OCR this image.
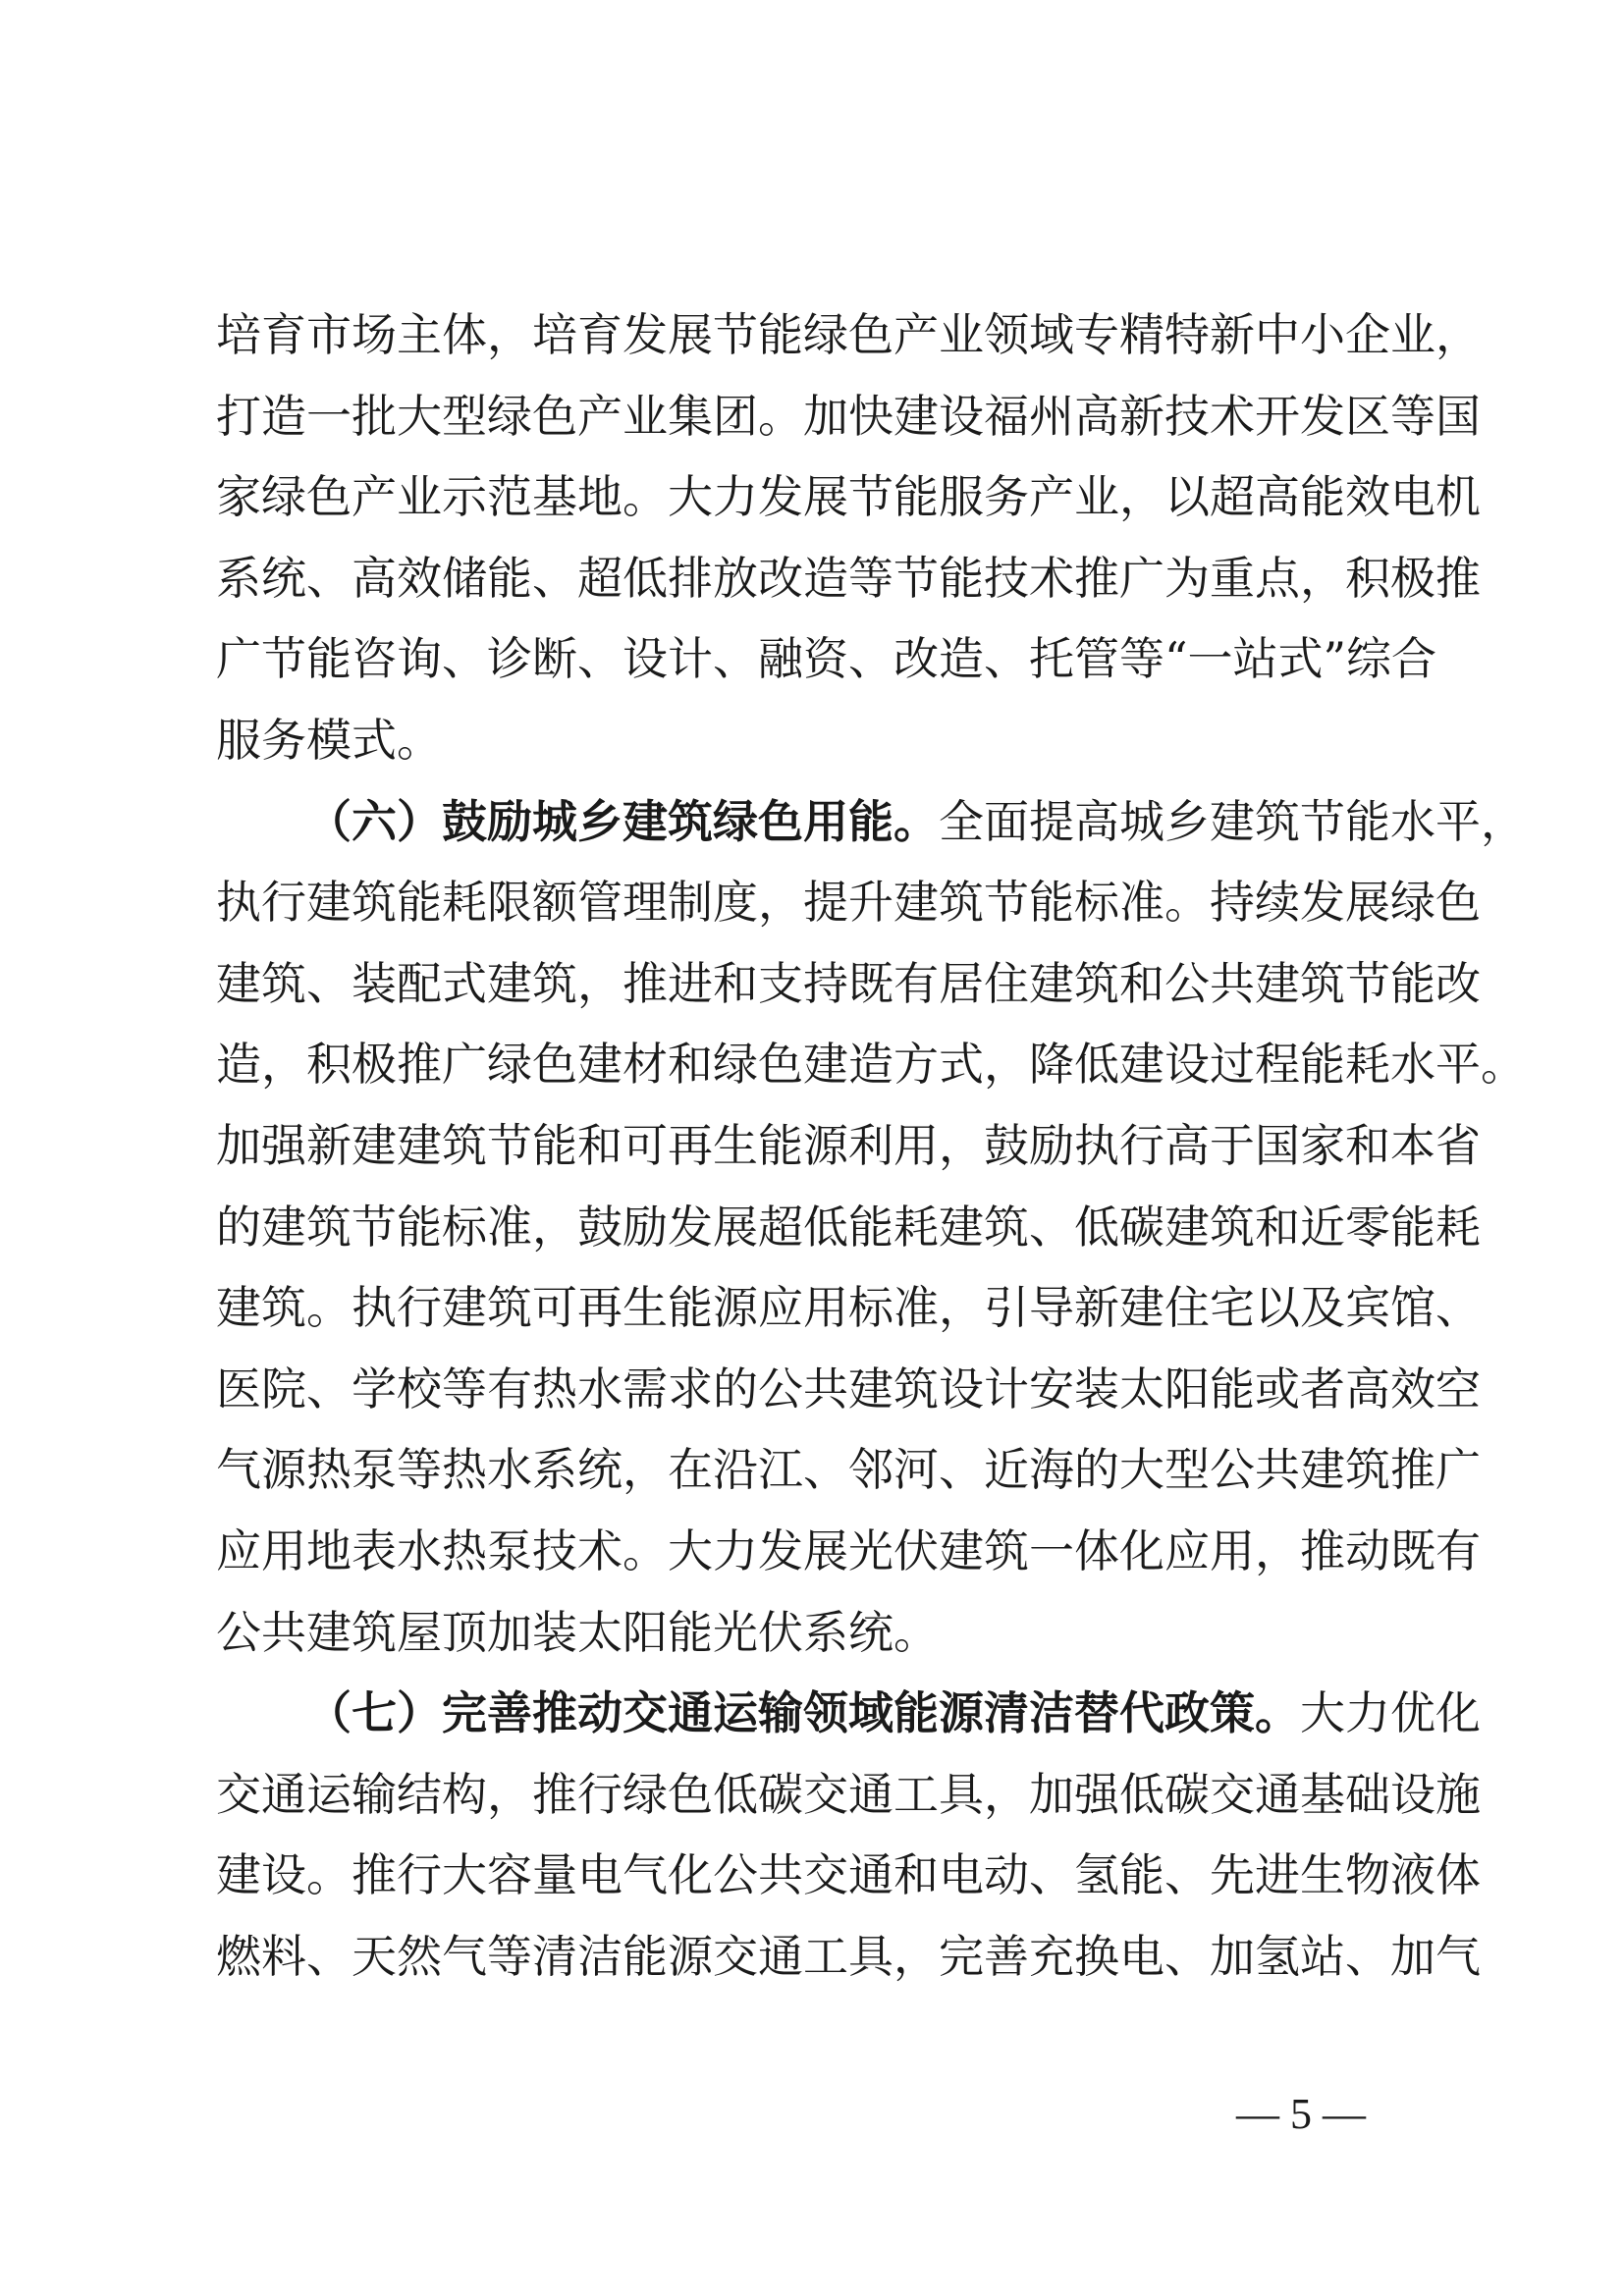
培育市场主体，培育发展节能绿色产业领域专精特新中小企业，
打造一批大型绿色产业集团。加快建设福州高新技术开发区等国
家绿色产业示范基地。大力发展节能服务产业，以超高能效电机
系统、高效储能、超低排放改造等节能技术推广为重点，积极推
广节能咨询、诊断、设计、融资、改造、托管等“一站式”综合
服务模式。
（六）鼓励城乡建筑绿色用能。全面提高城乡建筑节能水平，
执行建筑能耗限额管理制度，提升建筑节能标准。持续发展绿色
建筑、装配式建筑，推进和支持既有居住建筑和公共建筑节能改
造，积极推广绿色建材和绿色建造方式，降低建设过程能耗水平。
加强新建建筑节能和可再生能源利用，鼓励执行高于国家和本省
的建筑节能标准，鼓励发展超低能耗建筑、低碳建筑和近零能耗
建筑。执行建筑可再生能源应用标准，引导新建住宅以及宾馆、
医院、学校等有热水需求的公共建筑设计安装太阳能或者高效空
气源热泵等热水系统，在沿江、邻河、近海的大型公共建筑推广
应用地表水热泵技术。大力发展光伏建筑一体化应用，推动既有
公共建筑屋顶加装太阳能光伏系统。
（七）完善推动交通运输领域能源清洁替代政策。大力优化
交通运输结构，推行绿色低碳交通工具，加强低碳交通基础设施
建设。推行大容量电气化公共交通和电动、氢能、先进生物液体
燃料、天然气等清洁能源交通工具，完善充换电、加氢站、加气
— 5 —
